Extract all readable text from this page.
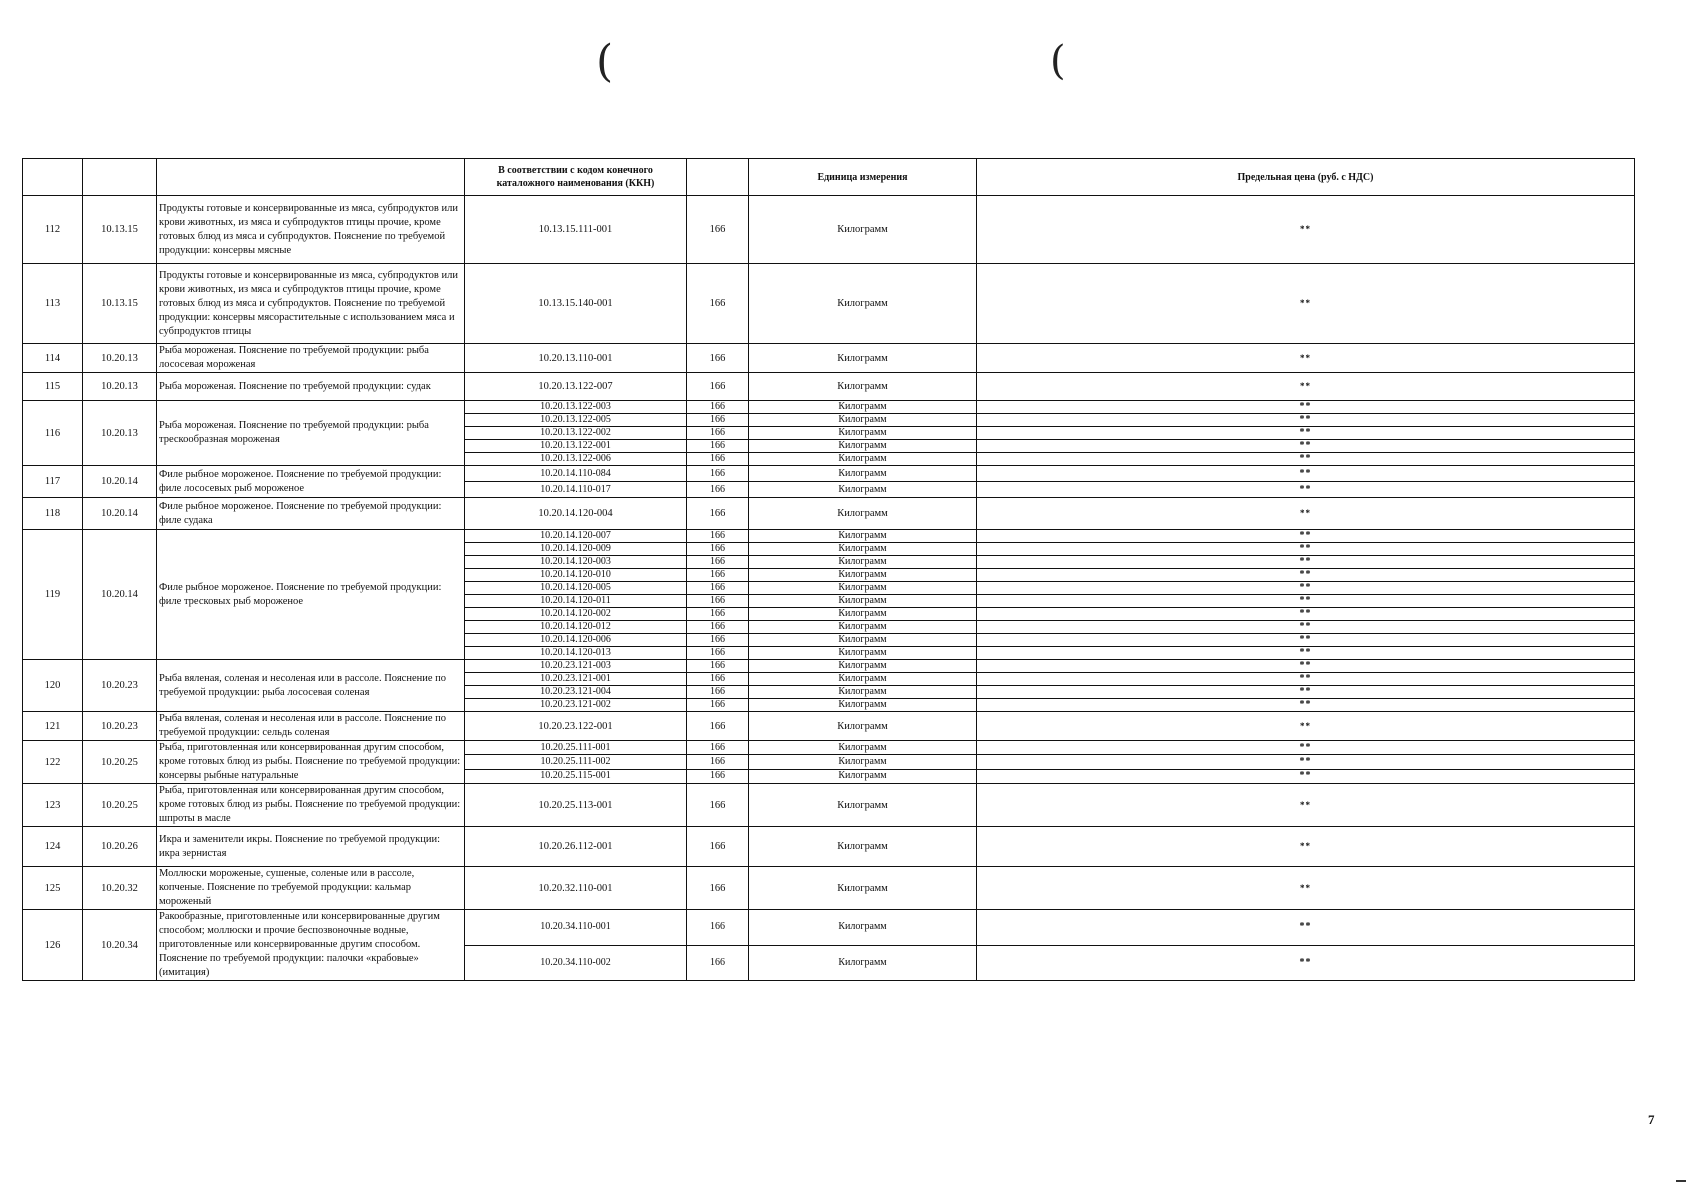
(	(
			В соответствии с кодом конечного каталожного наименования (ККН)		Единица измерения	Предельная цена (руб. с НДС)
112	10.13.15	Продукты готовые и консервированные из мяса, субпродуктов или крови животных, из мяса и субпродуктов птицы прочие, кроме готовых блюд из мяса и субпродуктов. Пояснение по требуемой продукции: консервы мясные	10.13.15.111-001	166	Килограмм	**
113	10.13.15	Продукты готовые и консервированные из мяса, субпродуктов или крови животных, из мяса и субпродуктов птицы прочие, кроме готовых блюд из мяса и субпродуктов. Пояснение по требуемой продукции: консервы мясорастительные с использованием мяса и субпродуктов птицы	10.13.15.140-001	166	Килограмм	**
114	10.20.13	Рыба мороженая. Пояснение по требуемой продукции: рыба лососевая мороженая	10.20.13.110-001	166	Килограмм	**
115	10.20.13	Рыба мороженая. Пояснение по требуемой продукции: судак	10.20.13.122-007	166	Килограмм	**
116	10.20.13	Рыба мороженая. Пояснение по требуемой продукции: рыба трескообразная мороженая	10.20.13.122-003	166	Килограмм	**
			10.20.13.122-005	166	Килограмм	**
			10.20.13.122-002	166	Килограмм	**
			10.20.13.122-001	166	Килограмм	**
			10.20.13.122-006	166	Килограмм	**
117	10.20.14	Филе рыбное мороженое. Пояснение по требуемой продукции: филе лососевых рыб мороженое	10.20.14.110-084	166	Килограмм	**
			10.20.14.110-017	166	Килограмм	**
118	10.20.14	Филе рыбное мороженое. Пояснение по требуемой продукции: филе судака	10.20.14.120-004	166	Килограмм	**
119	10.20.14	Филе рыбное мороженое. Пояснение по требуемой продукции: филе тресковых рыб мороженое	10.20.14.120-007	166	Килограмм	**
			10.20.14.120-009	166	Килограмм	**
			10.20.14.120-003	166	Килограмм	**
			10.20.14.120-010	166	Килограмм	**
			10.20.14.120-005	166	Килограмм	**
			10.20.14.120-011	166	Килограмм	**
			10.20.14.120-002	166	Килограмм	**
			10.20.14.120-012	166	Килограмм	**
			10.20.14.120-006	166	Килограмм	**
			10.20.14.120-013	166	Килограмм	**
120	10.20.23	Рыба вяленая, соленая и несоленая или в рассоле. Пояснение по требуемой продукции: рыба лососевая соленая	10.20.23.121-003	166	Килограмм	**
			10.20.23.121-001	166	Килограмм	**
			10.20.23.121-004	166	Килограмм	**
			10.20.23.121-002	166	Килограмм	**
121	10.20.23	Рыба вяленая, соленая и несоленая или в рассоле. Пояснение по требуемой продукции: сельдь соленая	10.20.23.122-001	166	Килограмм	**
122	10.20.25	Рыба, приготовленная или консервированная другим способом, кроме готовых блюд из рыбы. Пояснение по требуемой продукции: консервы рыбные натуральные	10.20.25.111-001	166	Килограмм	**
			10.20.25.111-002	166	Килограмм	**
			10.20.25.115-001	166	Килограмм	**
123	10.20.25	Рыба, приготовленная или консервированная другим способом, кроме готовых блюд из рыбы. Пояснение по требуемой продукции: шпроты в масле	10.20.25.113-001	166	Килограмм	**
124	10.20.26	Икра и заменители икры. Пояснение по требуемой продукции: икра зернистая	10.20.26.112-001	166	Килограмм	**
125	10.20.32	Моллюски мороженые, сушеные, соленые или в рассоле, копченые. Пояснение по требуемой продукции: кальмар мороженый	10.20.32.110-001	166	Килограмм	**
126	10.20.34	Ракообразные, приготовленные или консервированные другим способом; моллюски и прочие беспозвоночные водные, приготовленные или консервированные другим способом. Пояснение по требуемой продукции: палочки «крабовые» (имитация)	10.20.34.110-001	166	Килограмм	**
			10.20.34.110-002	166	Килограмм	**
7
